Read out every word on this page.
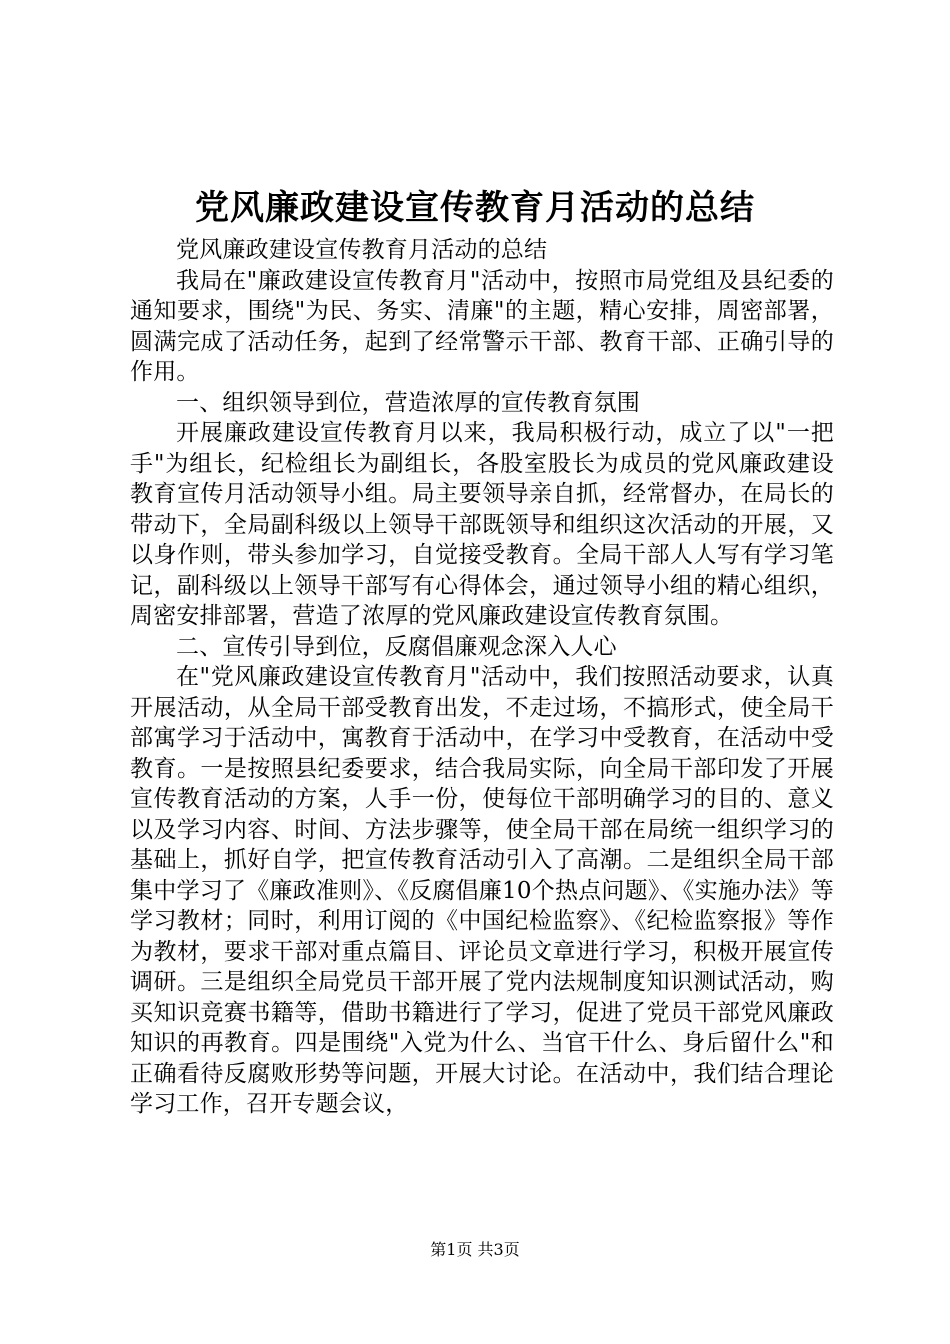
党风廉政建设宣传教育月活动的总结

党风廉政建设宣传教育月活动的总结

我局在"廉政建设宣传教育月"活动中，按照市局党组及县纪委的通知要求，围绕"为民、务实、清廉"的主题，精心安排，周密部署，圆满完成了活动任务，起到了经常警示干部、教育干部、正确引导的作用。

一、组织领导到位，营造浓厚的宣传教育氛围

开展廉政建设宣传教育月以来，我局积极行动，成立了以"一把手"为组长，纪检组长为副组长，各股室股长为成员的党风廉政建设教育宣传月活动领导小组。局主要领导亲自抓，经常督办，在局长的带动下，全局副科级以上领导干部既领导和组织这次活动的开展，又以身作则，带头参加学习，自觉接受教育。全局干部人人写有学习笔记，副科级以上领导干部写有心得体会，通过领导小组的精心组织，周密安排部署，营造了浓厚的党风廉政建设宣传教育氛围。

二、宣传引导到位，反腐倡廉观念深入人心

在"党风廉政建设宣传教育月"活动中，我们按照活动要求，认真开展活动，从全局干部受教育出发，不走过场，不搞形式，使全局干部寓学习于活动中，寓教育于活动中，在学习中受教育，在活动中受教育。一是按照县纪委要求，结合我局实际，向全局干部印发了开展宣传教育活动的方案，人手一份，使每位干部明确学习的目的、意义以及学习内容、时间、方法步骤等，使全局干部在局统一组织学习的基础上，抓好自学，把宣传教育活动引入了高潮。二是组织全局干部集中学习了《廉政准则》、《反腐倡廉10个热点问题》、《实施办法》等学习教材；同时，利用订阅的《中国纪检监察》、《纪检监察报》等作为教材，要求干部对重点篇目、评论员文章进行学习，积极开展宣传调研。三是组织全局党员干部开展了党内法规制度知识测试活动，购买知识竞赛书籍等，借助书籍进行了学习，促进了党员干部党风廉政知识的再教育。四是围绕"入党为什么、当官干什么、身后留什么"和正确看待反腐败形势等问题，开展大讨论。在活动中，我们结合理论学习工作，召开专题会议，

第1页 共3页
